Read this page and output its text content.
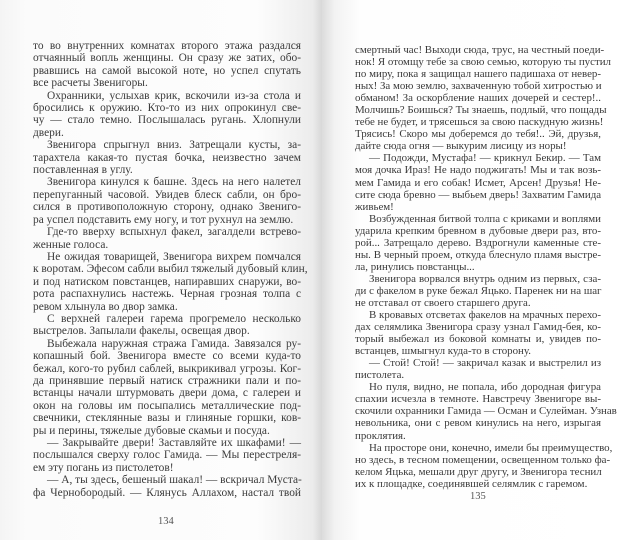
то во внутренних комнатах второго этажа раздался
отчаянный вопль женщины. Он сразу же затих, обо-
рвавшись на самой высокой ноте, но успел спутать
все расчеты Звенигоры.
Охранники, услыхав крик, вскочили из-за стола и
бросились к оружию. Кто-то из них опрокинул све-
чу — стало темно. Послышалась ругань. Хлопнули
двери.
Звенигора спрыгнул вниз. Затрещали кусты, за-
тарахтела какая-то пустая бочка, неизвестно зачем
поставленная в углу.
Звенигора кинулся к башне. Здесь на него налетел
перепуганный часовой. Увидев блеск сабли, он бро-
сился в противоположную сторону, однако Звениго-
ра успел подставить ему ногу, и тот рухнул на землю.
Где-то вверху вспыхнул факел, загалдели встрево-
женные голоса.
Не ожидая товарищей, Звенигора вихрем помчался
к воротам. Эфесом сабли выбил тяжелый дубовый клин,
и под натиском повстанцев, напиравших снаружи, во-
рота распахнулись настежь. Черная грозная толпа с
ревом хлынула во двор замка.
С верхней галереи гарема прогремело несколько
выстрелов. Запылали факелы, освещая двор.
Выбежала наружная стража Гамида. Завязался ру-
копашный бой. Звенигора вместе со всеми куда-то
бежал, кого-то рубил саблей, выкрикивал угрозы. Ког-
да принявшие первый натиск стражники пали и по-
встанцы начали штурмовать двери дома, с галереи и
окон на головы им посыпались металлические под-
свечники, стеклянные вазы и глиняные горшки, ков-
ры и перины, тяжелые дубовые скамьи и посуда.
— Закрывайте двери! Заставляйте их шкафами! —
послышался сверху голос Гамида. — Мы перестреля-
ем эту погань из пистолетов!
— А, ты здесь, бешеный шакал! — вскричал Муста-
фа Чернобородый. — Клянусь Аллахом, настал твой
134
смертный час! Выходи сюда, трус, на честный поеди-
нок! Я отомщу тебе за свою семью, которую ты пустил
по миру, пока я защищал нашего падишаха от невер-
ных! За мою землю, захваченную тобой хитростью и
обманом! За оскорбление наших дочерей и сестер!..
Молчишь? Боишься? Ты знаешь, подлый, что пощады
тебе не будет, и трясешься за свою паскудную жизнь!
Трясись! Скоро мы доберемся до тебя!.. Эй, друзья,
дайте сюда огня — выкурим лисицу из норы!
— Подожди, Мустафа! — крикнул Бекир. — Там
моя дочка Ираз! Не надо поджигать! Мы и так возь-
мем Гамида и его собак! Исмет, Арсен! Друзья! Не-
сите сюда бревно — выбьем дверь! Захватим Гамида
живьем!
Возбужденная битвой толпа с криками и воплями
ударила крепким бревном в дубовые двери раз, вто-
рой... Затрещало дерево. Вздрогнули каменные сте-
ны. В черный проем, откуда блеснуло пламя выстре-
ла, ринулись повстанцы...
Звенигора ворвался внутрь одним из первых, сза-
ди с факелом в руке бежал Яцько. Паренек ни на шаг
не отставал от своего старшего друга.
В кровавых отсветах факелов на мрачных перехо-
дах селямлика Звенигора сразу узнал Гамид-бея, ко-
торый выбежал из боковой комнаты и, увидев по-
встанцев, шмыгнул куда-то в сторону.
— Стой! Стой! — закричал казак и выстрелил из
пистолета.
Но пуля, видно, не попала, ибо дородная фигура
спахии исчезла в темноте. Навстречу Звенигоре вы-
скочили охранники Гамида — Осман и Сулейман. Узнав
невольника, они с ревом кинулись на него, изрыгая
проклятия.
На просторе они, конечно, имели бы преимущество,
но здесь, в тесном помещении, освещенном только фа-
келом Яцька, мешали друг другу, и Звенигора теснил
их к площадке, соединявшей селямлик с гаремом.
135
